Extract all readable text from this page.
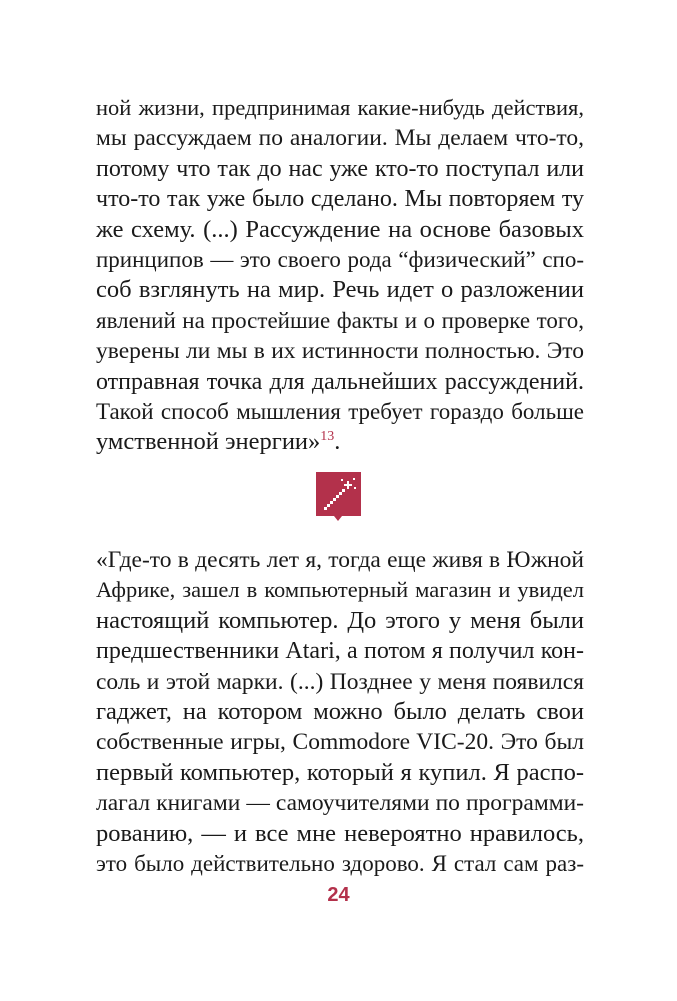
ной жизни, предпринимая какие-нибудь действия,
мы рассуждаем по аналогии. Мы делаем что-то,
потому что так до нас уже кто-то поступал или
что-то так уже было сделано. Мы повторяем ту
же схему. (...) Рассуждение на основе базовых
принципов — это своего рода “физический” спо-
соб взглянуть на мир. Речь идет о разложении
явлений на простейшие факты и о проверке того,
уверены ли мы в их истинности полностью. Это
отправная точка для дальнейших рассуждений.
Такой способ мышления требует гораздо больше
умственной энергии»$^{13}$.
«Где-то в десять лет я, тогда еще живя в Южной
Африке, зашел в компьютерный магазин и увидел
настоящий компьютер. До этого у меня были
предшественники Atari, а потом я получил кон-
соль и этой марки. (...) Позднее у меня появился
гаджет, на котором можно было делать свои
собственные игры, Commodore VIC-20. Это был
первый компьютер, который я купил. Я распо-
лагал книгами — самоучителями по программи-
рованию, — и все мне невероятно нравилось,
это было действительно здорово. Я стал сам раз-
24
